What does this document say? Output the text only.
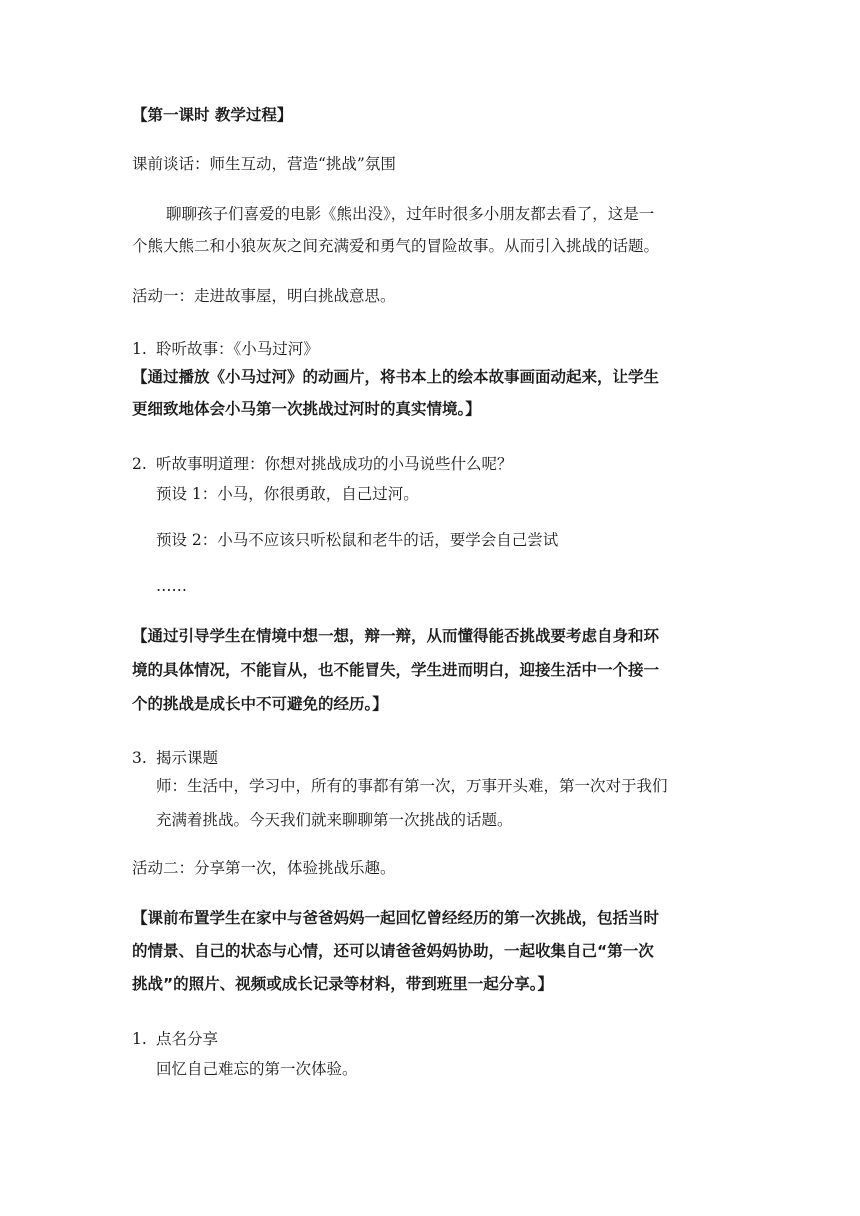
【第一课时 教学过程】
课前谈话：师生互动，营造“挑战”氛围
聊聊孩子们喜爱的电影《熊出没》，过年时很多小朋友都去看了，这是一
个熊大熊二和小狼灰灰之间充满爱和勇气的冒险故事。从而引入挑战的话题。
活动一：走进故事屋，明白挑战意思。
1. 聆听故事：《小马过河》
【通过播放《小马过河》的动画片，将书本上的绘本故事画面动起来，让学生
更细致地体会小马第一次挑战过河时的真实情境。】
2. 听故事明道理：你想对挑战成功的小马说些什么呢？
预设 1：小马，你很勇敢，自己过河。
预设 2：小马不应该只听松鼠和老牛的话，要学会自己尝试
……
【通过引导学生在情境中想一想，辩一辩，从而懂得能否挑战要考虑自身和环
境的具体情况，不能盲从，也不能冒失，学生进而明白，迎接生活中一个接一
个的挑战是成长中不可避免的经历。】
3. 揭示课题
师：生活中，学习中，所有的事都有第一次，万事开头难，第一次对于我们
充满着挑战。今天我们就来聊聊第一次挑战的话题。
活动二：分享第一次，体验挑战乐趣。
【课前布置学生在家中与爸爸妈妈一起回忆曾经经历的第一次挑战，包括当时
的情景、自己的状态与心情，还可以请爸爸妈妈协助，一起收集自己“第一次
挑战”的照片、视频或成长记录等材料，带到班里一起分享。】
1. 点名分享
回忆自己难忘的第一次体验。
